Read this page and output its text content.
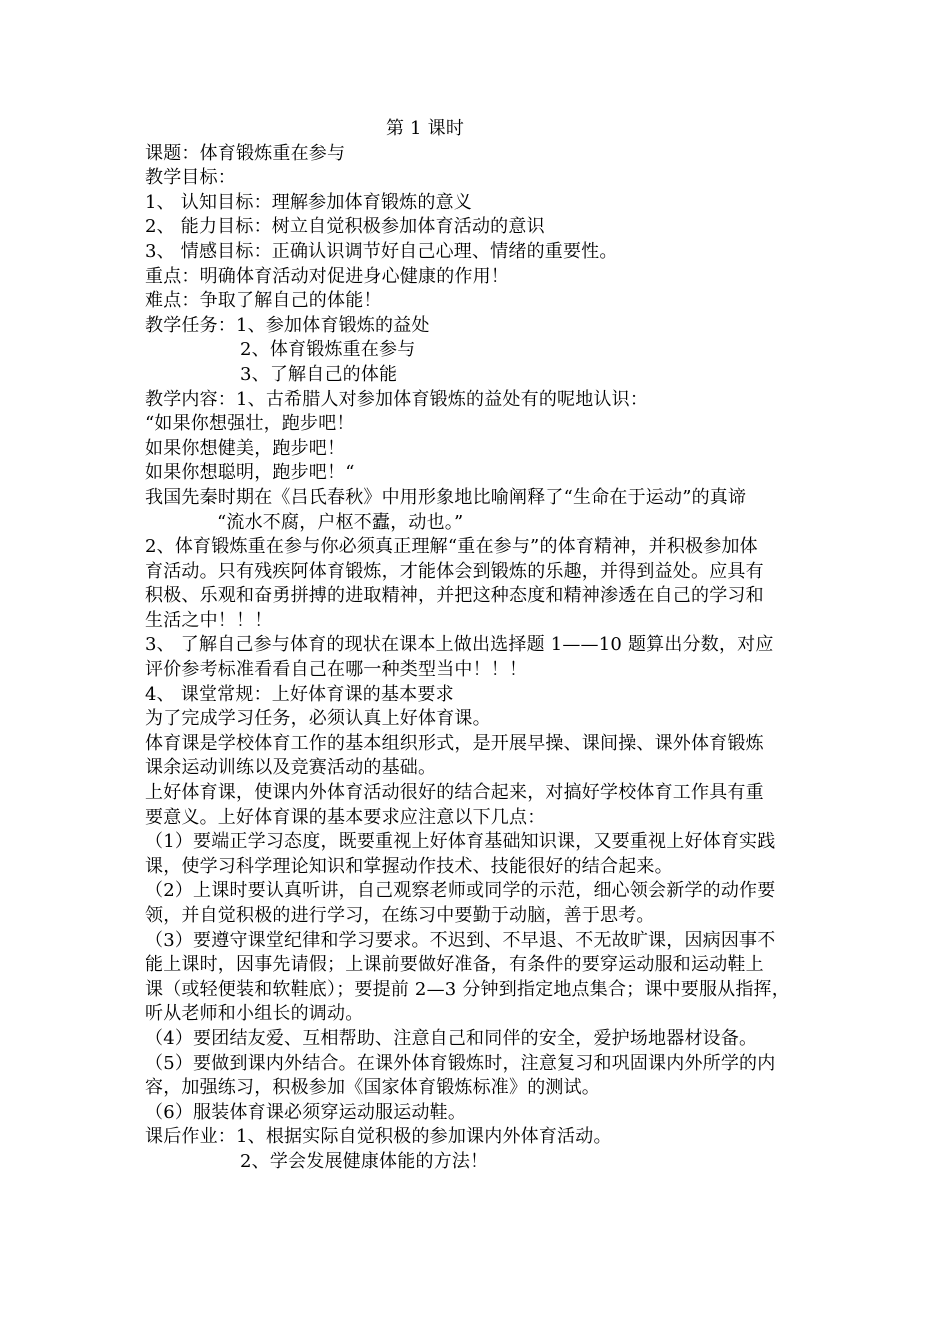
第 1 课时
课题：体育锻炼重在参与
教学目标：
1、 认知目标：理解参加体育锻炼的意义
2、 能力目标：树立自觉积极参加体育活动的意识
3、 情感目标：正确认识调节好自己心理、情绪的重要性。
重点：明确体育活动对促进身心健康的作用！
难点：争取了解自己的体能！
教学任务：1、参加体育锻炼的益处
2、体育锻炼重在参与
3、了解自己的体能
教学内容：1、古希腊人对参加体育锻炼的益处有的呢地认识：
“如果你想强壮，跑步吧！
如果你想健美，跑步吧！
如果你想聪明，跑步吧！“
我国先秦时期在《吕氏春秋》中用形象地比喻阐释了“生命在于运动”的真谛
“流水不腐，户枢不蠹，动也。”
2、体育锻炼重在参与你必须真正理解“重在参与”的体育精神，并积极参加体
育活动。只有残疾阿体育锻炼，才能体会到锻炼的乐趣，并得到益处。应具有
积极、乐观和奋勇拼搏的进取精神，并把这种态度和精神渗透在自己的学习和
生活之中！！！
3、 了解自己参与体育的现状在课本上做出选择题 1——10 题算出分数，对应
评价参考标准看看自己在哪一种类型当中！！！
4、 课堂常规：上好体育课的基本要求
为了完成学习任务，必须认真上好体育课。
体育课是学校体育工作的基本组织形式，是开展早操、课间操、课外体育锻炼
课余运动训练以及竞赛活动的基础。
上好体育课，使课内外体育活动很好的结合起来，对搞好学校体育工作具有重
要意义。上好体育课的基本要求应注意以下几点：
（1）要端正学习态度，既要重视上好体育基础知识课，又要重视上好体育实践
课，使学习科学理论知识和掌握动作技术、技能很好的结合起来。
（2）上课时要认真听讲，自己观察老师或同学的示范，细心领会新学的动作要
领，并自觉积极的进行学习，在练习中要勤于动脑，善于思考。
（3）要遵守课堂纪律和学习要求。不迟到、不早退、不无故旷课，因病因事不
能上课时，因事先请假；上课前要做好准备，有条件的要穿运动服和运动鞋上
课（或轻便装和软鞋底）；要提前 2—3 分钟到指定地点集合；课中要服从指挥，
听从老师和小组长的调动。
（4）要团结友爱、互相帮助、注意自己和同伴的安全，爱护场地器材设备。
（5）要做到课内外结合。在课外体育锻炼时，注意复习和巩固课内外所学的内
容，加强练习，积极参加《国家体育锻炼标准》的测试。
（6）服装体育课必须穿运动服运动鞋。
课后作业：1、根据实际自觉积极的参加课内外体育活动。
2、学会发展健康体能的方法！
